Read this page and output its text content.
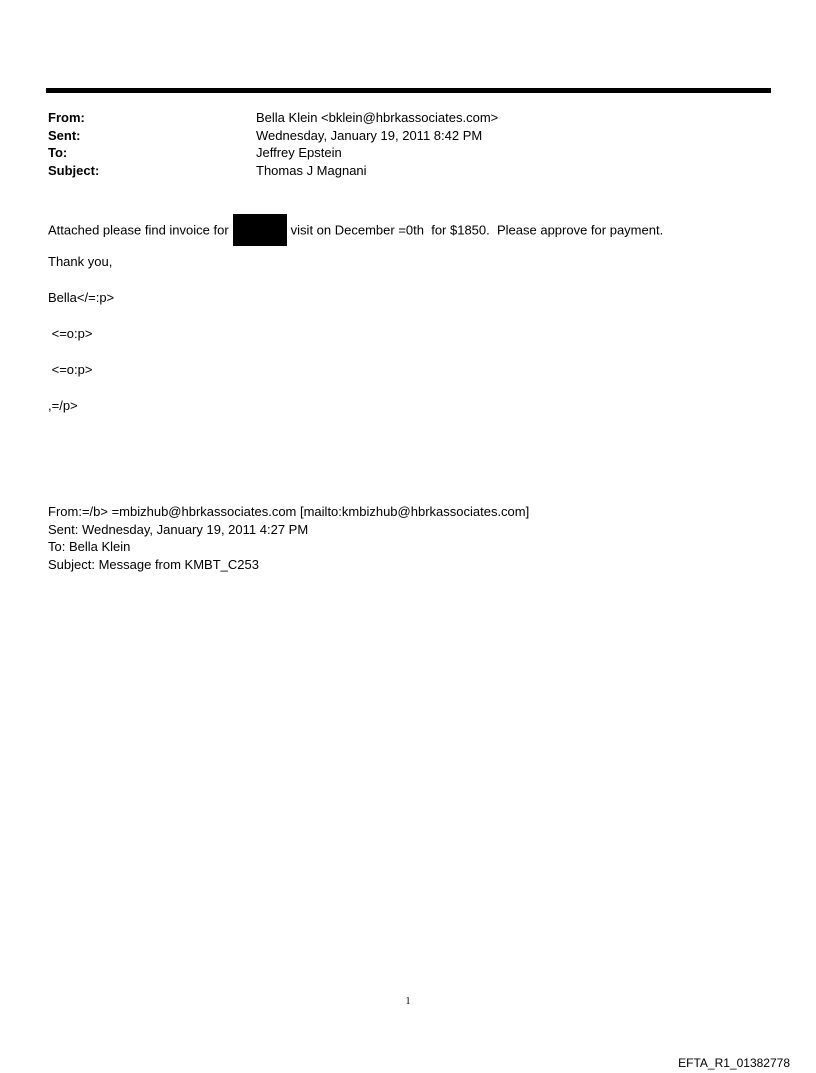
From:	Bella Klein <bklein@hbrkassociates.com>
Sent:	Wednesday, January 19, 2011 8:42 PM
To:	Jeffrey Epstein
Subject:	Thomas J Magnani
Attached please find invoice for	visit on December =0th  for $1850.  Please approve for payment.
Thank you,
Bella</=:p>
<=o:p>
<=o:p>
,=/p>
From:=/b> =mbizhub@hbrkassociates.com [mailto:kmbizhub@hbrkassociates.com]
Sent: Wednesday, January 19, 2011 4:27 PM
To: Bella Klein
Subject: Message from KMBT_C253
1
EFTA_R1_01382778
